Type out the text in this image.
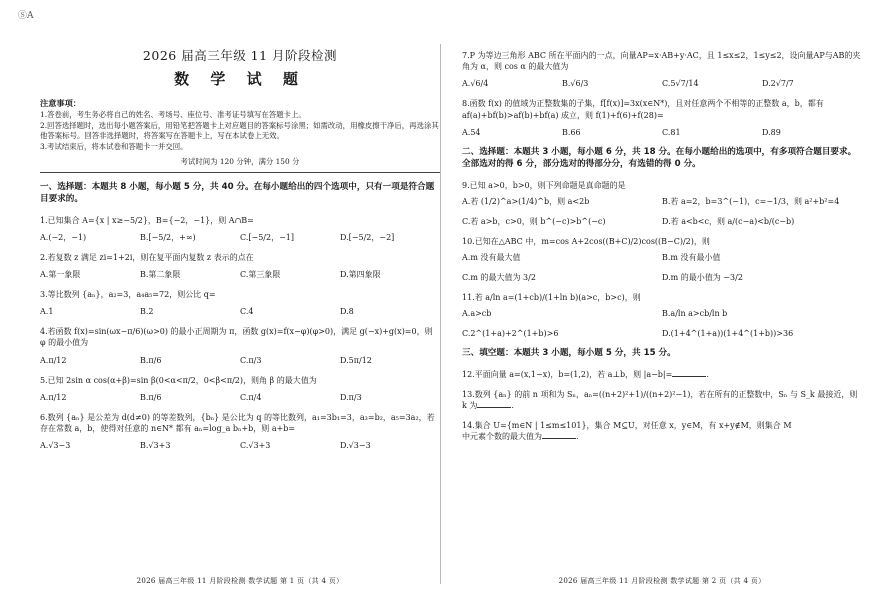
ⓈA
2026 届高三年级 11 月阶段检测
数 学 试 题
注意事项：

1.答卷前，考生务必将自己的姓名、考场号、座位号、准考证号填写在答题卡上。

2.回答选择题时，选出每小题答案后，用铅笔把答题卡上对应题目的答案标号涂黑；如需改动，用橡皮擦干净后，再选涂其他答案标号。回答非选择题时，将答案写在答题卡上，写在本试卷上无效。

3.考试结束后，将本试卷和答题卡一并交回。

考试时间为 120 分钟，满分 150 分
一、选择题：本题共 8 小题，每小题 5 分，共 40 分。在每小题给出的四个选项中，只有一项是符合题目要求的。
1.已知集合 A={x | x≥−5/2}，B={−2，−1}，则 A∩B=
A.(−2，−1)	B.[−5/2，+∞)	C.[−5/2，−1]	D.[−5/2，−2]
2.若复数 z 满足 zi=1+2i，则在复平面内复数 z 表示的点在
A.第一象限	B.第二象限	C.第三象限	D.第四象限
3.等比数列 {aₙ}，a₂=3，a₄a₅=72，则公比 q=
A.1	B.2	C.4	D.8
4.若函数 f(x)=sin(ωx−π/6)(ω>0) 的最小正周期为 π，函数 g(x)=f(x−φ)(φ>0)，满足 g(−x)+g(x)=0，则 φ 的最小值为
A.π/12	B.π/6	C.π/3	D.5π/12
5.已知 2sin α cos(α+β)=sin β(0<α<π/2，0<β<π/2)，则角 β 的最大值为
A.π/12	B.π/6	C.π/4	D.π/3
6.数列 {aₙ} 是公差为 d(d≠0) 的等差数列，{bₙ} 是公比为 q 的等比数列，a₁=3b₁=3，a₃=b₂，a₅=3a₂，若存在常数 a，b，使得对任意的 n∈N* 都有 aₙ=log_a bₙ+b，则 a+b=
A.√3−3	B.√3+3	C.√3+3	D.√3−3
2026 届高三年级 11 月阶段检测 数学试题 第 1 页（共 4 页）
7.P 为等边三角形 ABC 所在平面内的一点，向量AP=x·AB+y·AC，且 1≤x≤2，1≤y≤2，设向量AP与AB的夹角为 α，则 cos α 的最大值为
A.√6/4	B.√6/3	C.5√7/14	D.2√7/7
8.函数 f(x) 的值域为正整数集的子集，f[f(x)]=3x(x∈N*)，且对任意两个不相等的正整数 a，b，都有 af(a)+bf(b)>af(b)+bf(a) 成立，则 f(1)+f(6)+f(28)=
A.54	B.66	C.81	D.89
二、选择题：本题共 3 小题，每小题 6 分，共 18 分。在每小题给出的选项中，有多项符合题目要求。全部选对的得 6 分，部分选对的得部分分，有选错的得 0 分。
9.已知 a>0，b>0，则下列命题是真命题的是
A.若 (1/2)^a>(1/4)^b，则 a<2b	B.若 a=2，b=3^(−1)，c=−1/3，则 a²+b²=4
C.若 a>b，c>0，则 b^(−c)>b^(−c)	D.若 a<b<c，则 a/(c−a)<b/(c−b)
10.已知在△ABC 中，m=cos A+2cos((B+C)/2)cos((B−C)/2)，则
A.m 没有最大值	B.m 没有最小值
C.m 的最大值为 3/2	D.m 的最小值为 −3/2
11.若 a/ln a=(1+cb)/(1+ln b)(a>c，b>c)，则
A.a>cb	B.a/ln a>cb/ln b
C.2^(1+a)+2^(1+b)>6	D.(1+4^(1+a))(1+4^(1+b))>36
三、填空题：本题共 3 小题，每小题 5 分，共 15 分。
12.平面向量 a=(x,1−x)，b=(1,2)，若 a⊥b，则 |a−b|=	.
13.数列 {aₙ} 的前 n 项和为 Sₙ，aₙ=((n+2)²+1)/((n+2)²−1)，若在所有的正整数中，Sₙ 与 S_k 最接近，则
k 为	.
14.集合 U={m∈N | 1≤m≤101}，集合 M⊆U，对任意 x，y∈M，有 x+y∉M，则集合 M
中元素个数的最大值为	.
2026 届高三年级 11 月阶段检测 数学试题 第 2 页（共 4 页）
